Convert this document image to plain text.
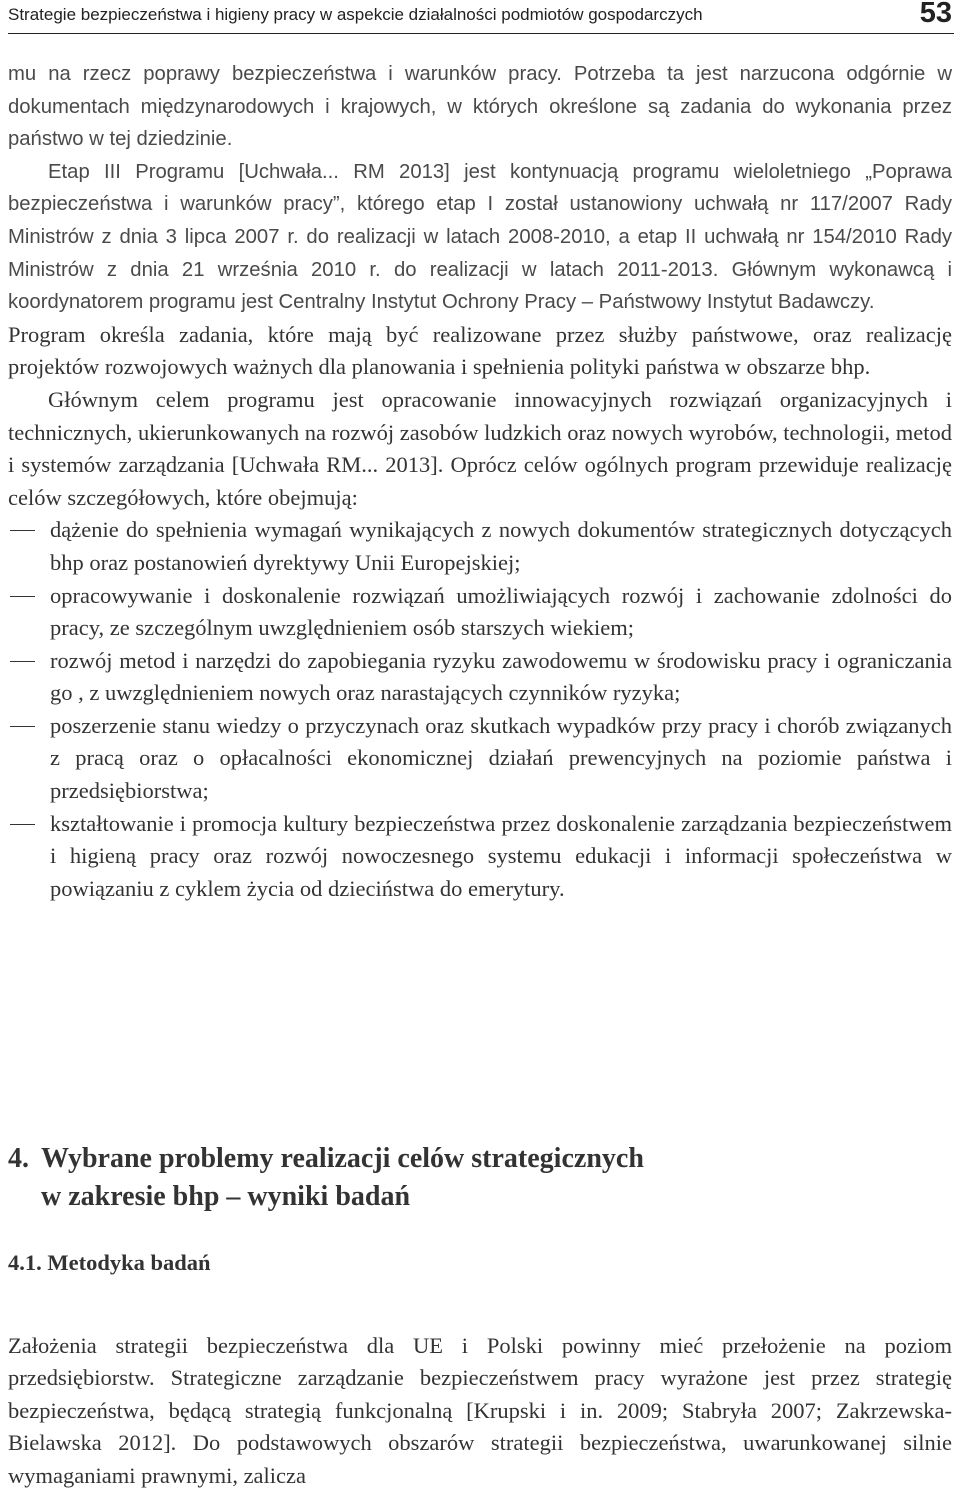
Strategie bezpieczeństwa i higieny pracy w aspekcie działalności podmiotów gospodarczych	53

mu na rzecz poprawy bezpieczeństwa i warunków pracy. Potrzeba ta jest narzucona odgórnie w dokumentach międzynarodowych i krajowych, w których określone są zadania do wykonania przez państwo w tej dziedzinie.

Etap III Programu [Uchwała... RM 2013] jest kontynuacją programu wieloletniego „Poprawa bezpieczeństwa i warunków pracy”, którego etap I został ustanowiony uchwałą nr 117/2007 Rady Ministrów z dnia 3 lipca 2007 r. do realizacji w latach 2008-2010, a etap II uchwałą nr 154/2010 Rady Ministrów z dnia 21 września 2010 r. do realizacji w latach 2011-2013. Głównym wykonawcą i koordynatorem programu jest Centralny Instytut Ochrony Pracy – Państwowy Instytut Badawczy.

Program określa zadania, które mają być realizowane przez służby państwowe, oraz realizację projektów rozwojowych ważnych dla planowania i spełnienia polityki państwa w obszarze bhp.

Głównym celem programu jest opracowanie innowacyjnych rozwiązań organizacyjnych i technicznych, ukierunkowanych na rozwój zasobów ludzkich oraz nowych wyrobów, technologii, metod i systemów zarządzania [Uchwała RM... 2013]. Oprócz celów ogólnych program przewiduje realizację celów szczegółowych, które obejmują:

dążenie do spełnienia wymagań wynikających z nowych dokumentów strategicznych dotyczących bhp oraz postanowień dyrektywy Unii Europejskiej;
opracowywanie i doskonalenie rozwiązań umożliwiających rozwój i zachowanie zdolności do pracy, ze szczególnym uwzględnieniem osób starszych wiekiem;
rozwój metod i narzędzi do zapobiegania ryzyku zawodowemu w środowisku pracy i ograniczania go , z uwzględnieniem nowych oraz narastających czynników ryzyka;
poszerzenie stanu wiedzy o przyczynach oraz skutkach wypadków przy pracy i chorób związanych z pracą oraz o opłacalności ekonomicznej działań prewencyjnych na poziomie państwa i przedsiębiorstwa;
kształtowanie i promocja kultury bezpieczeństwa przez doskonalenie zarządzania bezpieczeństwem i higieną pracy oraz rozwój nowoczesnego systemu edukacji i informacji społeczeństwa w powiązaniu z cyklem życia od dzieciństwa do emerytury.
4. Wybrane problemy realizacji celów strategicznych
w zakresie bhp – wyniki badań
4.1. Metodyka badań

Założenia strategii bezpieczeństwa dla UE i Polski powinny mieć przełożenie na poziom przedsiębiorstw. Strategiczne zarządzanie bezpieczeństwem pracy wyrażone jest przez strategię bezpieczeństwa, będącą strategią funkcjonalną [Krupski i in. 2009; Stabryła 2007; Zakrzewska-Bielawska 2012]. Do podstawowych obszarów strategii bezpieczeństwa, uwarunkowanej silnie wymaganiami prawnymi, zalicza
